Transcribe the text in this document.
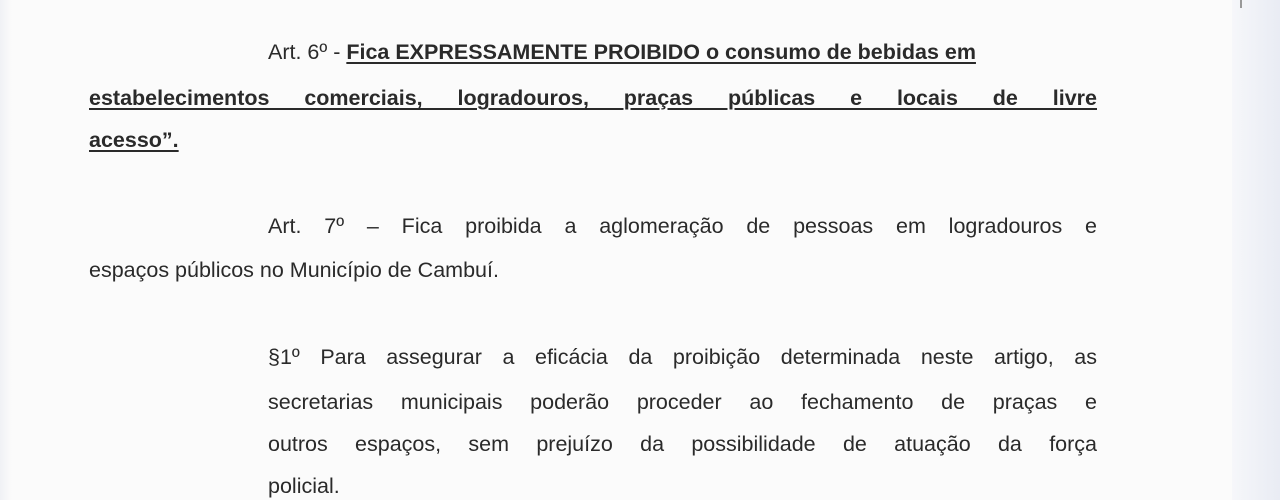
Art. 6º - Fica EXPRESSAMENTE PROIBIDO o consumo de bebidas em
estabelecimentos comerciais, logradouros, praças públicas e locais de livre
acesso”.
Art. 7º – Fica proibida a aglomeração de pessoas em logradouros e
espaços públicos no Município de Cambuí.
§1º Para assegurar a eficácia da proibição determinada neste artigo, as
secretarias municipais poderão proceder ao fechamento de praças e
outros espaços, sem prejuízo da possibilidade de atuação da força
policial.
